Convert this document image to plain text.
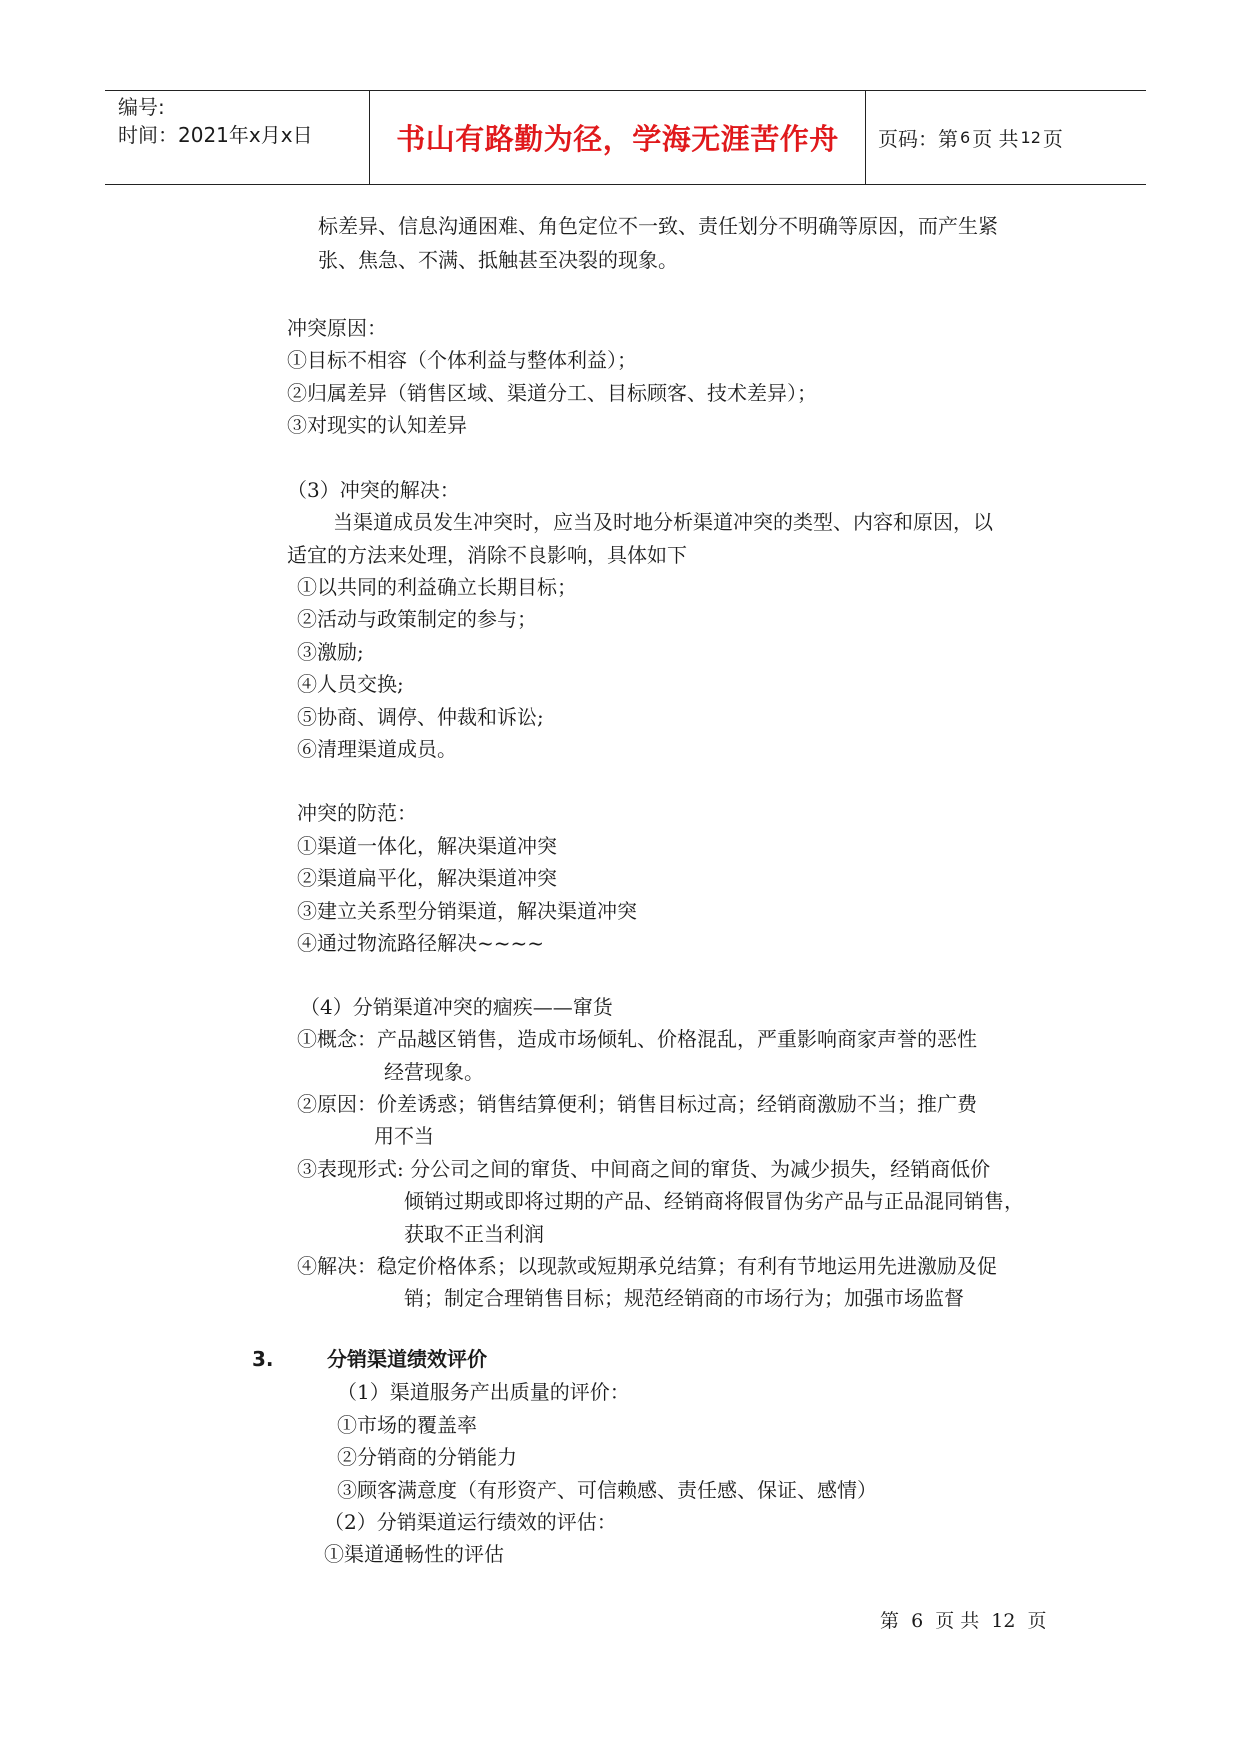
编号:
时间：2021年x月x日	书山有路勤为径，学海无涯苦作舟 页码：第 6 页 共 12 页
标差异、信息沟通困难、角色定位不一致、责任划分不明确等原因，而产生紧
张、焦急、不满、抵触甚至决裂的现象。
冲突原因：
①目标不相容（个体利益与整体利益）；
②归属差异（销售区域、渠道分工、目标顾客、技术差异）；
③对现实的认知差异
（3）冲突的解决：
当渠道成员发生冲突时，应当及时地分析渠道冲突的类型、内容和原因，以
适宜的方法来处理，消除不良影响，具体如下
①以共同的利益确立长期目标；
②活动与政策制定的参与；
③激励;
④人员交换;
⑤协商、调停、仲裁和诉讼;
⑥清理渠道成员。
冲突的防范：
①渠道一体化，解决渠道冲突
②渠道扁平化，解决渠道冲突
③建立关系型分销渠道，解决渠道冲突
④通过物流路径解决~~~~
（4）分销渠道冲突的痼疾——窜货
①概念：产品越区销售，造成市场倾轧、价格混乱，严重影响商家声誉的恶性
经营现象。
②原因：价差诱惑；销售结算便利；销售目标过高；经销商激励不当；推广费
用不当
③表现形式: 分公司之间的窜货、中间商之间的窜货、为减少损失，经销商低价
倾销过期或即将过期的产品、经销商将假冒伪劣产品与正品混同销售，
获取不正当利润
④解决：稳定价格体系；以现款或短期承兑结算；有利有节地运用先进激励及促
销；制定合理销售目标；规范经销商的市场行为；加强市场监督
3.	分销渠道绩效评价
（1）渠道服务产出质量的评价：
①市场的覆盖率
②分销商的分销能力
③顾客满意度（有形资产、可信赖感、责任感、保证、感情）
（2）分销渠道运行绩效的评估：
①渠道通畅性的评估
第 6 页 共 12 页
